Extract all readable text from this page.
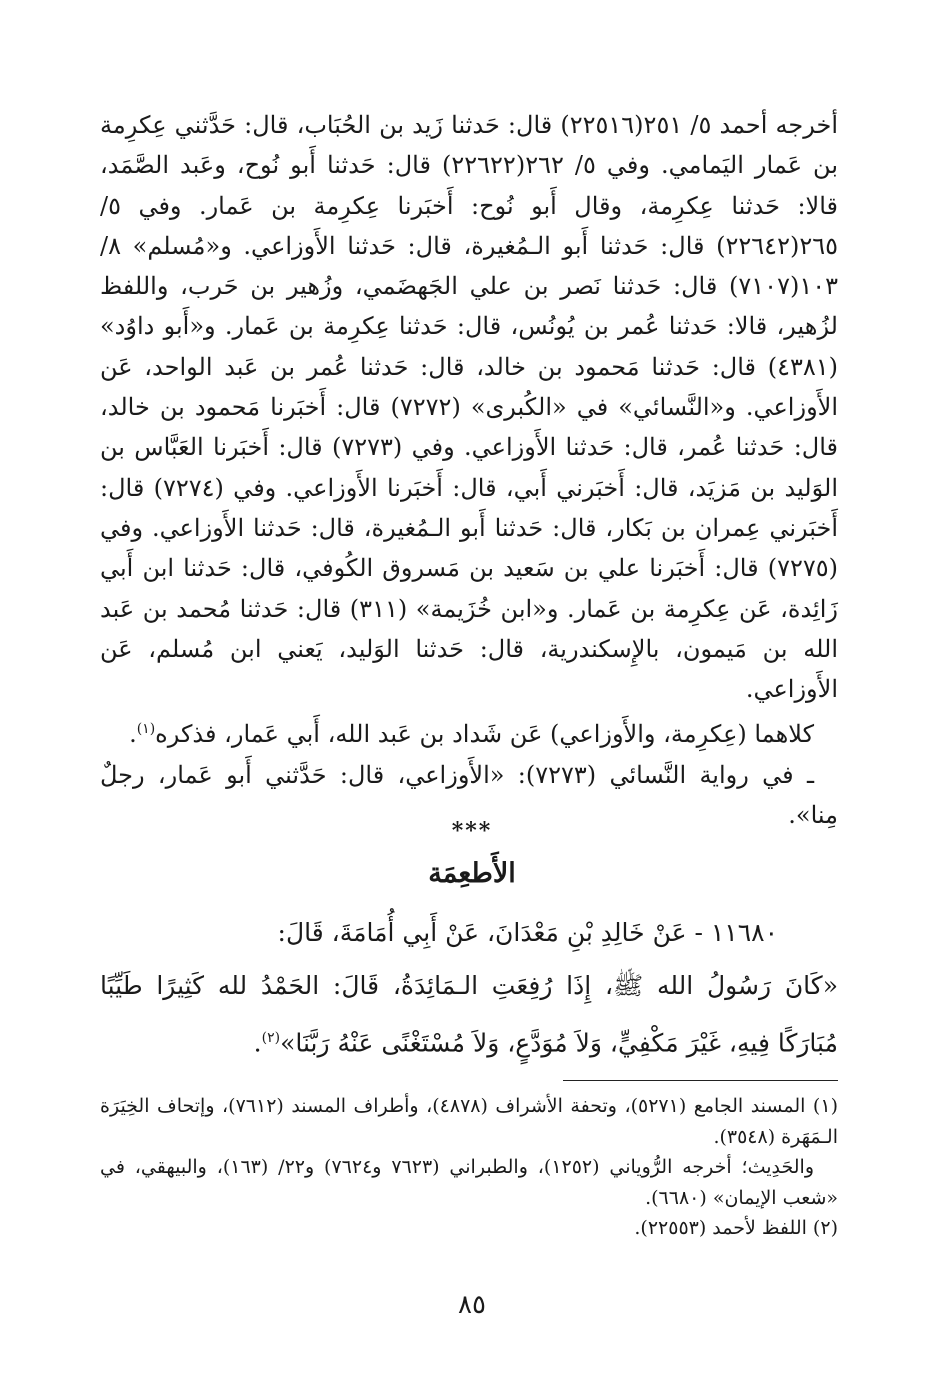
أخرجه أحمد ٥/ ٢٥١(٢٢٥١٦) قال: حَدثنا زَيد بن الحُبَاب، قال: حَدَّثني عِكرِمة بن عَمار اليَمامي. وفي ٥/ ٢٦٢(٢٢٦٢٢) قال: حَدثنا أَبو نُوح، وعَبد الصَّمَد، قالا: حَدثنا عِكرِمة، وقال أَبو نُوح: أَخبَرنا عِكرِمة بن عَمار. وفي ٥/ ٢٦٥(٢٢٦٤٢) قال: حَدثنا أَبو الـمُغيرة، قال: حَدثنا الأَوزاعي. و«مُسلم» ٨/ ١٠٣(٧١٠٧) قال: حَدثنا نَصر بن علي الجَهضَمي، وزُهير بن حَرب، واللفظ لزُهير، قالا: حَدثنا عُمر بن يُونُس، قال: حَدثنا عِكرِمة بن عَمار. و«أَبو داوُد» (٤٣٨١) قال: حَدثنا مَحمود بن خالد، قال: حَدثنا عُمر بن عَبد الواحد، عَن الأَوزاعي. و«النَّسائي» في «الكُبرى» (٧٢٧٢) قال: أَخبَرنا مَحمود بن خالد، قال: حَدثنا عُمر، قال: حَدثنا الأَوزاعي. وفي (٧٢٧٣) قال: أَخبَرنا العَبَّاس بن الوَليد بن مَزيَد، قال: أَخبَرني أَبي، قال: أَخبَرنا الأَوزاعي. وفي (٧٢٧٤) قال: أَخبَرني عِمران بن بَكار، قال: حَدثنا أَبو الـمُغيرة، قال: حَدثنا الأَوزاعي. وفي (٧٢٧٥) قال: أَخبَرنا علي بن سَعيد بن مَسروق الكُوفي، قال: حَدثنا ابن أَبي زَائِدة، عَن عِكرِمة بن عَمار. و«ابن خُزَيمة» (٣١١) قال: حَدثنا مُحمد بن عَبد الله بن مَيمون، بالإِسكندرية، قال: حَدثنا الوَليد، يَعني ابن مُسلم، عَن الأَوزاعي.

كلاهما (عِكرِمة، والأَوزاعي) عَن شَداد بن عَبد الله، أَبي عَمار، فذكره$^{(١)}$.

ـ في رواية النَّسائي (٧٢٧٣): «الأَوزاعي، قال: حَدَّثني أَبو عَمار، رجلٌ مِنا».

***
الأَطعِمَة

١١٦٨٠ - عَنْ خَالِدِ بْنِ مَعْدَانَ، عَنْ أَبِي أُمَامَةَ، قَالَ:

«كَانَ رَسُولُ الله ﷺ، إِذَا رُفِعَتِ الـمَائِدَةُ، قَالَ: الحَمْدُ لله كَثِيرًا طَيِّبًا مُبَارَكًا فِيهِ، غَيْرَ مَكْفِيٍّ، وَلاَ مُوَدَّعٍ، وَلاَ مُسْتَغْنًى عَنْهُ رَبَّنَا»$^{(٢)}$.

(١) المسند الجامع (٥٢٧١)، وتحفة الأشراف (٤٨٧٨)، وأطراف المسند (٧٦١٢)، وإتحاف الخِيَرَة الـمَهَرة (٣٥٤٨).

والحَدِيث؛ أخرجه الرُّوياني (١٢٥٢)، والطبراني (٧٦٢٣ و٧٦٢٤) و٢٢/ (١٦٣)، والبيهقي، في «شعب الإيمان» (٦٦٨٠).

(٢) اللفظ لأحمد (٢٢٥٥٣).

٨٥
